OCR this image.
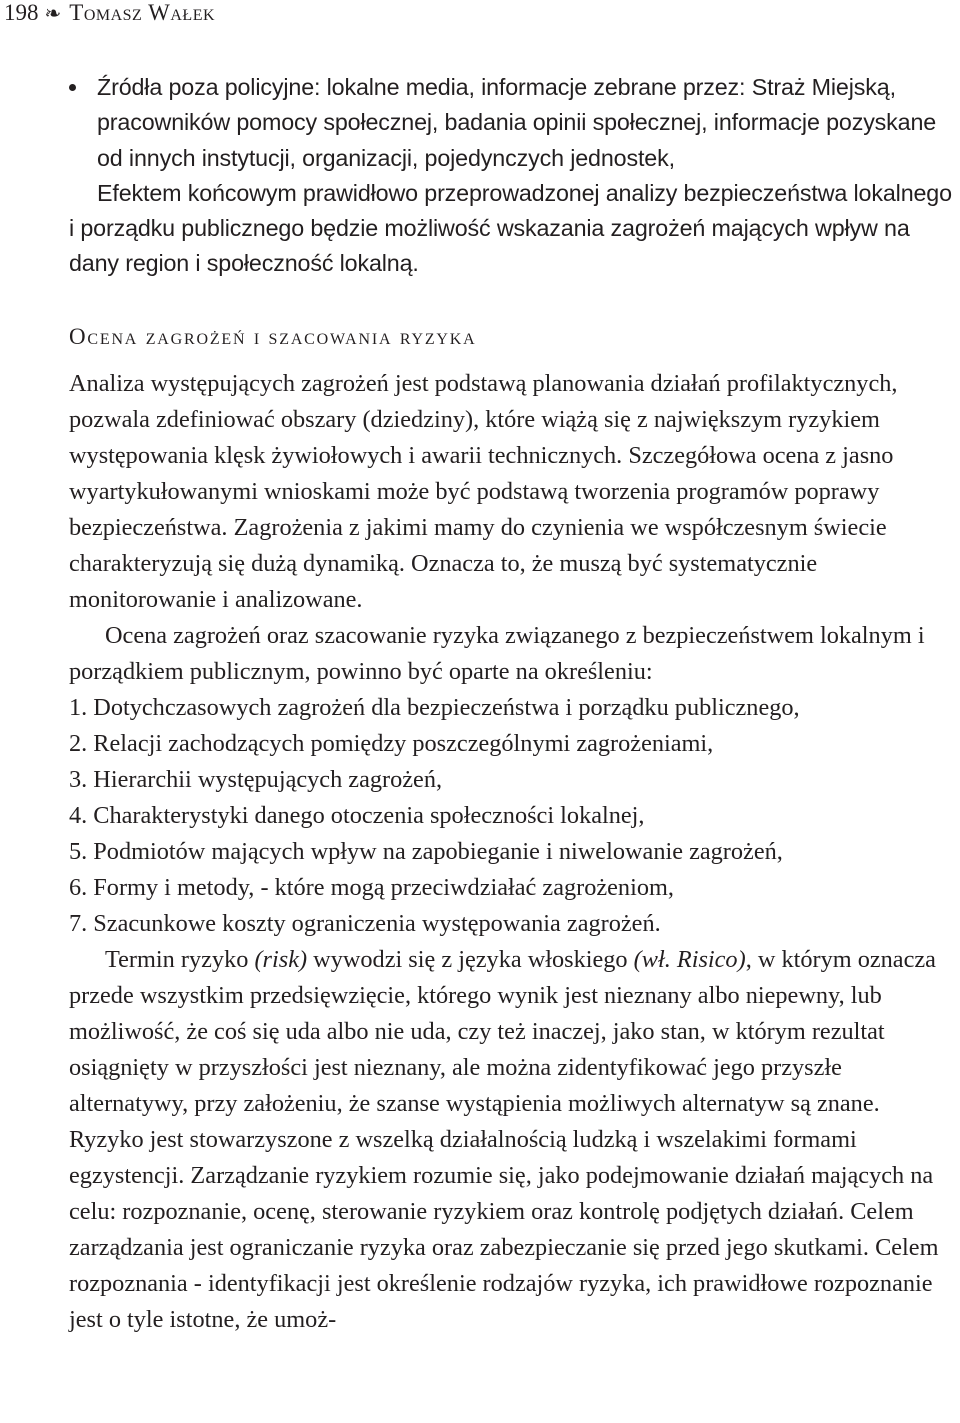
198 ❧ Tomasz Wałek
Źródła poza policyjne: lokalne media, informacje zebrane przez: Straż Miejską, pracowników pomocy społecznej, badania opinii społecznej, informacje pozyskane od innych instytucji, organizacji, pojedynczych jednostek,

Efektem końcowym prawidłowo przeprowadzonej analizy bezpieczeństwa lokalnego i porządku publicznego będzie możliwość wskazania zagrożeń mających wpływ na dany region i społeczność lokalną.

Ocena zagrożeń i szacowania ryzyka

Analiza występujących zagrożeń jest podstawą planowania działań profilaktycznych, pozwala zdefiniować obszary (dziedziny), które wiążą się z największym ryzykiem występowania klęsk żywiołowych i awarii technicznych. Szczegółowa ocena z jasno wyartykułowanymi wnioskami może być podstawą tworzenia programów poprawy bezpieczeństwa. Zagrożenia z jakimi mamy do czynienia we współczesnym świecie charakteryzują się dużą dynamiką. Oznacza to, że muszą być systematycznie monitorowanie i analizowane.

Ocena zagrożeń oraz szacowanie ryzyka związanego z bezpieczeństwem lokalnym i porządkiem publicznym, powinno być oparte na określeniu:

1. Dotychczasowych zagrożeń dla bezpieczeństwa i porządku publicznego,
2. Relacji zachodzących pomiędzy poszczególnymi zagrożeniami,
3. Hierarchii występujących zagrożeń,
4. Charakterystyki danego otoczenia społeczności lokalnej,
5. Podmiotów mających wpływ na zapobieganie i niwelowanie zagrożeń,
6. Formy i metody, - które mogą przeciwdziałać zagrożeniom,
7. Szacunkowe koszty ograniczenia występowania zagrożeń.

Termin ryzyko (risk) wywodzi się z języka włoskiego (wł. Risico), w którym oznacza przede wszystkim przedsięwzięcie, którego wynik jest nieznany albo niepewny, lub możliwość, że coś się uda albo nie uda, czy też inaczej, jako stan, w którym rezultat osiągnięty w przyszłości jest nieznany, ale można zidentyfikować jego przyszłe alternatywy, przy założeniu, że szanse wystąpienia możliwych alternatyw są znane. Ryzyko jest stowarzyszone z wszelką działalnością ludzką i wszelakimi formami egzystencji. Zarządzanie ryzykiem rozumie się, jako podejmowanie działań mających na celu: rozpoznanie, ocenę, sterowanie ryzykiem oraz kontrolę podjętych działań. Celem zarządzania jest ograniczanie ryzyka oraz zabezpieczanie się przed jego skutkami. Celem rozpoznania - identyfikacji jest określenie rodzajów ryzyka, ich prawidłowe rozpoznanie jest o tyle istotne, że umoż-
